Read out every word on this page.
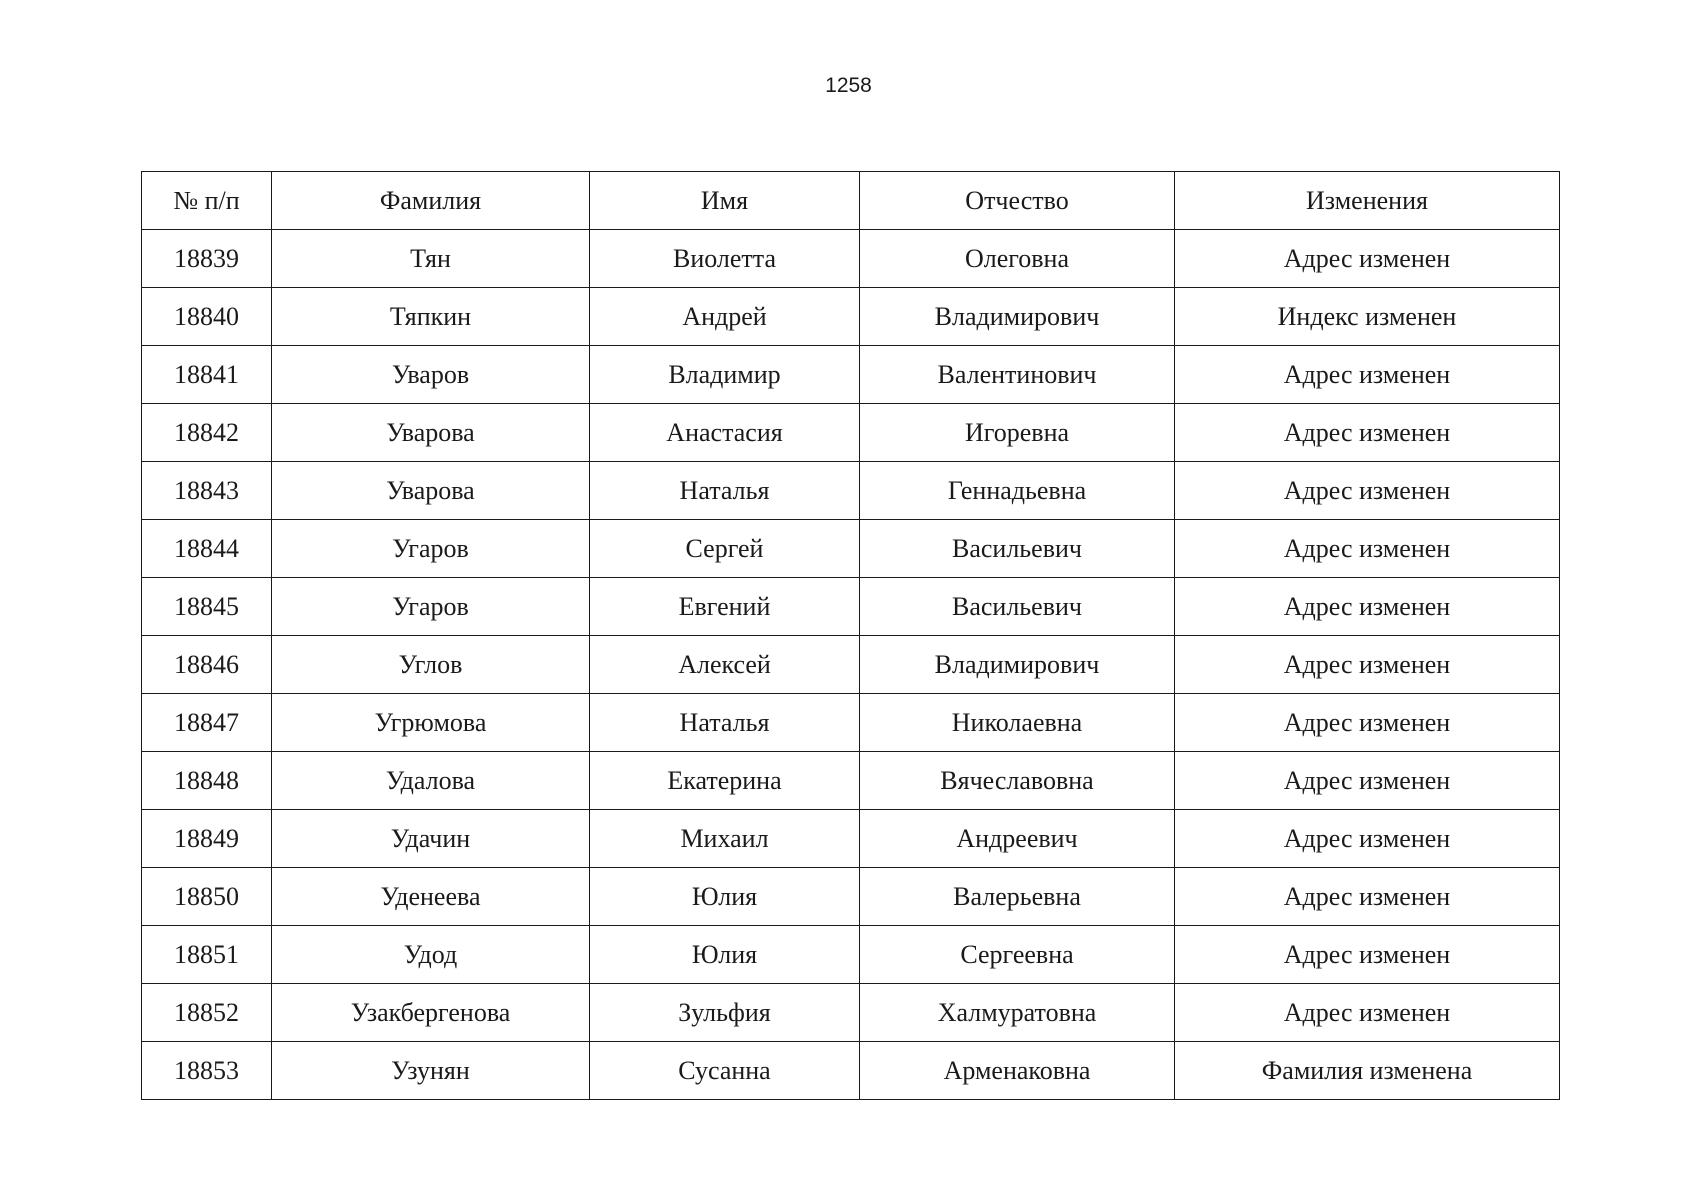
1258
№ п/п	Фамилия	Имя	Отчество	Изменения
18839	Тян	Виолетта	Олеговна	Адрес изменен
18840	Тяпкин	Андрей	Владимирович	Индекс изменен
18841	Уваров	Владимир	Валентинович	Адрес изменен
18842	Уварова	Анастасия	Игоревна	Адрес изменен
18843	Уварова	Наталья	Геннадьевна	Адрес изменен
18844	Угаров	Сергей	Васильевич	Адрес изменен
18845	Угаров	Евгений	Васильевич	Адрес изменен
18846	Углов	Алексей	Владимирович	Адрес изменен
18847	Угрюмова	Наталья	Николаевна	Адрес изменен
18848	Удалова	Екатерина	Вячеславовна	Адрес изменен
18849	Удачин	Михаил	Андреевич	Адрес изменен
18850	Уденеева	Юлия	Валерьевна	Адрес изменен
18851	Удод	Юлия	Сергеевна	Адрес изменен
18852	Узакбергенова	Зульфия	Халмуратовна	Адрес изменен
18853	Узунян	Сусанна	Арменаковна	Фамилия изменена
